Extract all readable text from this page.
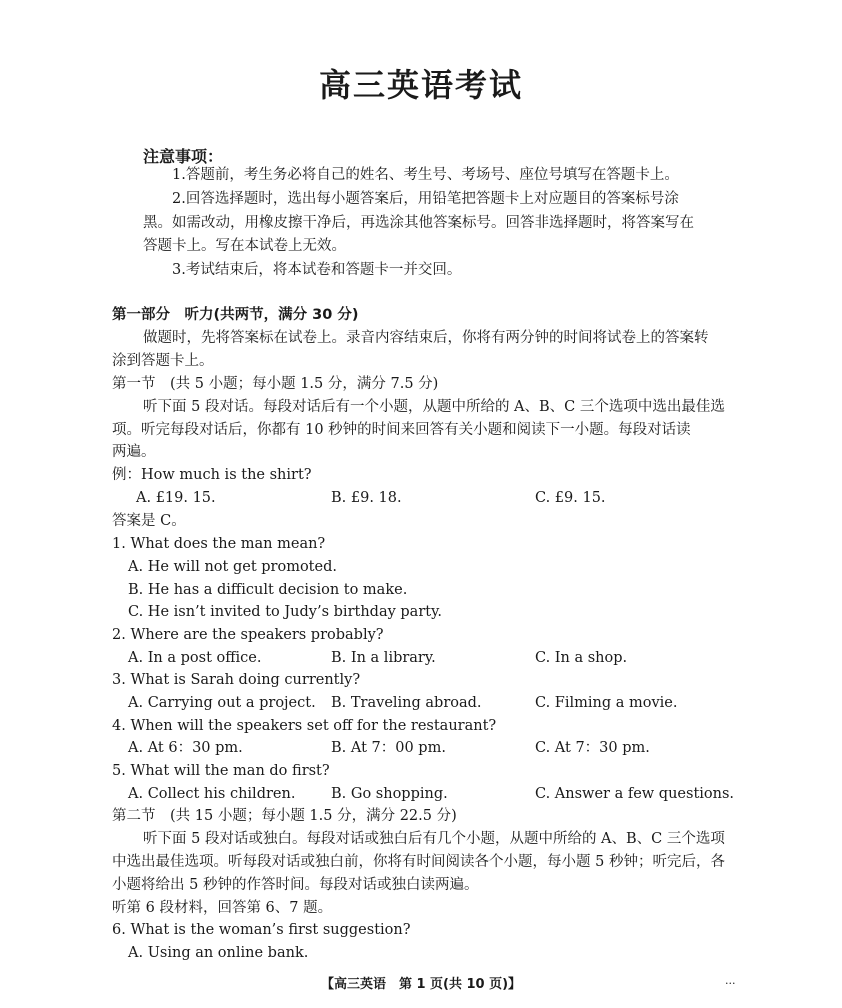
高三英语考试
注意事项：
1.答题前，考生务必将自己的姓名、考生号、考场号、座位号填写在答题卡上。
2.回答选择题时，选出每小题答案后，用铅笔把答题卡上对应题目的答案标号涂
黑。如需改动，用橡皮擦干净后，再选涂其他答案标号。回答非选择题时，将答案写在
答题卡上。写在本试卷上无效。
3.考试结束后，将本试卷和答题卡一并交回。
第一部分　听力(共两节，满分 30 分)
做题时，先将答案标在试卷上。录音内容结束后，你将有两分钟的时间将试卷上的答案转
涂到答题卡上。
第一节　(共 5 小题；每小题 1.5 分，满分 7.5 分)
听下面 5 段对话。每段对话后有一个小题，从题中所给的 A、B、C 三个选项中选出最佳选
项。听完每段对话后，你都有 10 秒钟的时间来回答有关小题和阅读下一小题。每段对话读
两遍。
例：How much is the shirt?
A. £19. 15.	B. £9. 18.	C. £9. 15.
答案是 C。
1. What does the man mean?
A. He will not get promoted.
B. He has a difficult decision to make.
C. He isn’t invited to Judy’s birthday party.
2. Where are the speakers probably?
A. In a post office.	B. In a library.	C. In a shop.
3. What is Sarah doing currently?
A. Carrying out a project. B. Traveling abroad.	C. Filming a movie.
4. When will the speakers set off for the restaurant?
A. At 6：30 pm.	B. At 7：00 pm.	C. At 7：30 pm.
5. What will the man do first?
A. Collect his children. B. Go shopping.	C. Answer a few questions.
第二节　(共 15 小题；每小题 1.5 分，满分 22.5 分)
听下面 5 段对话或独白。每段对话或独白后有几个小题，从题中所给的 A、B、C 三个选项
中选出最佳选项。听每段对话或独白前，你将有时间阅读各个小题，每小题 5 秒钟；听完后，各
小题将给出 5 秒钟的作答时间。每段对话或独白读两遍。
听第 6 段材料，回答第 6、7 题。
6. What is the woman’s first suggestion?
A. Using an online bank.
【高三英语　第 1 页(共 10 页)】	...
